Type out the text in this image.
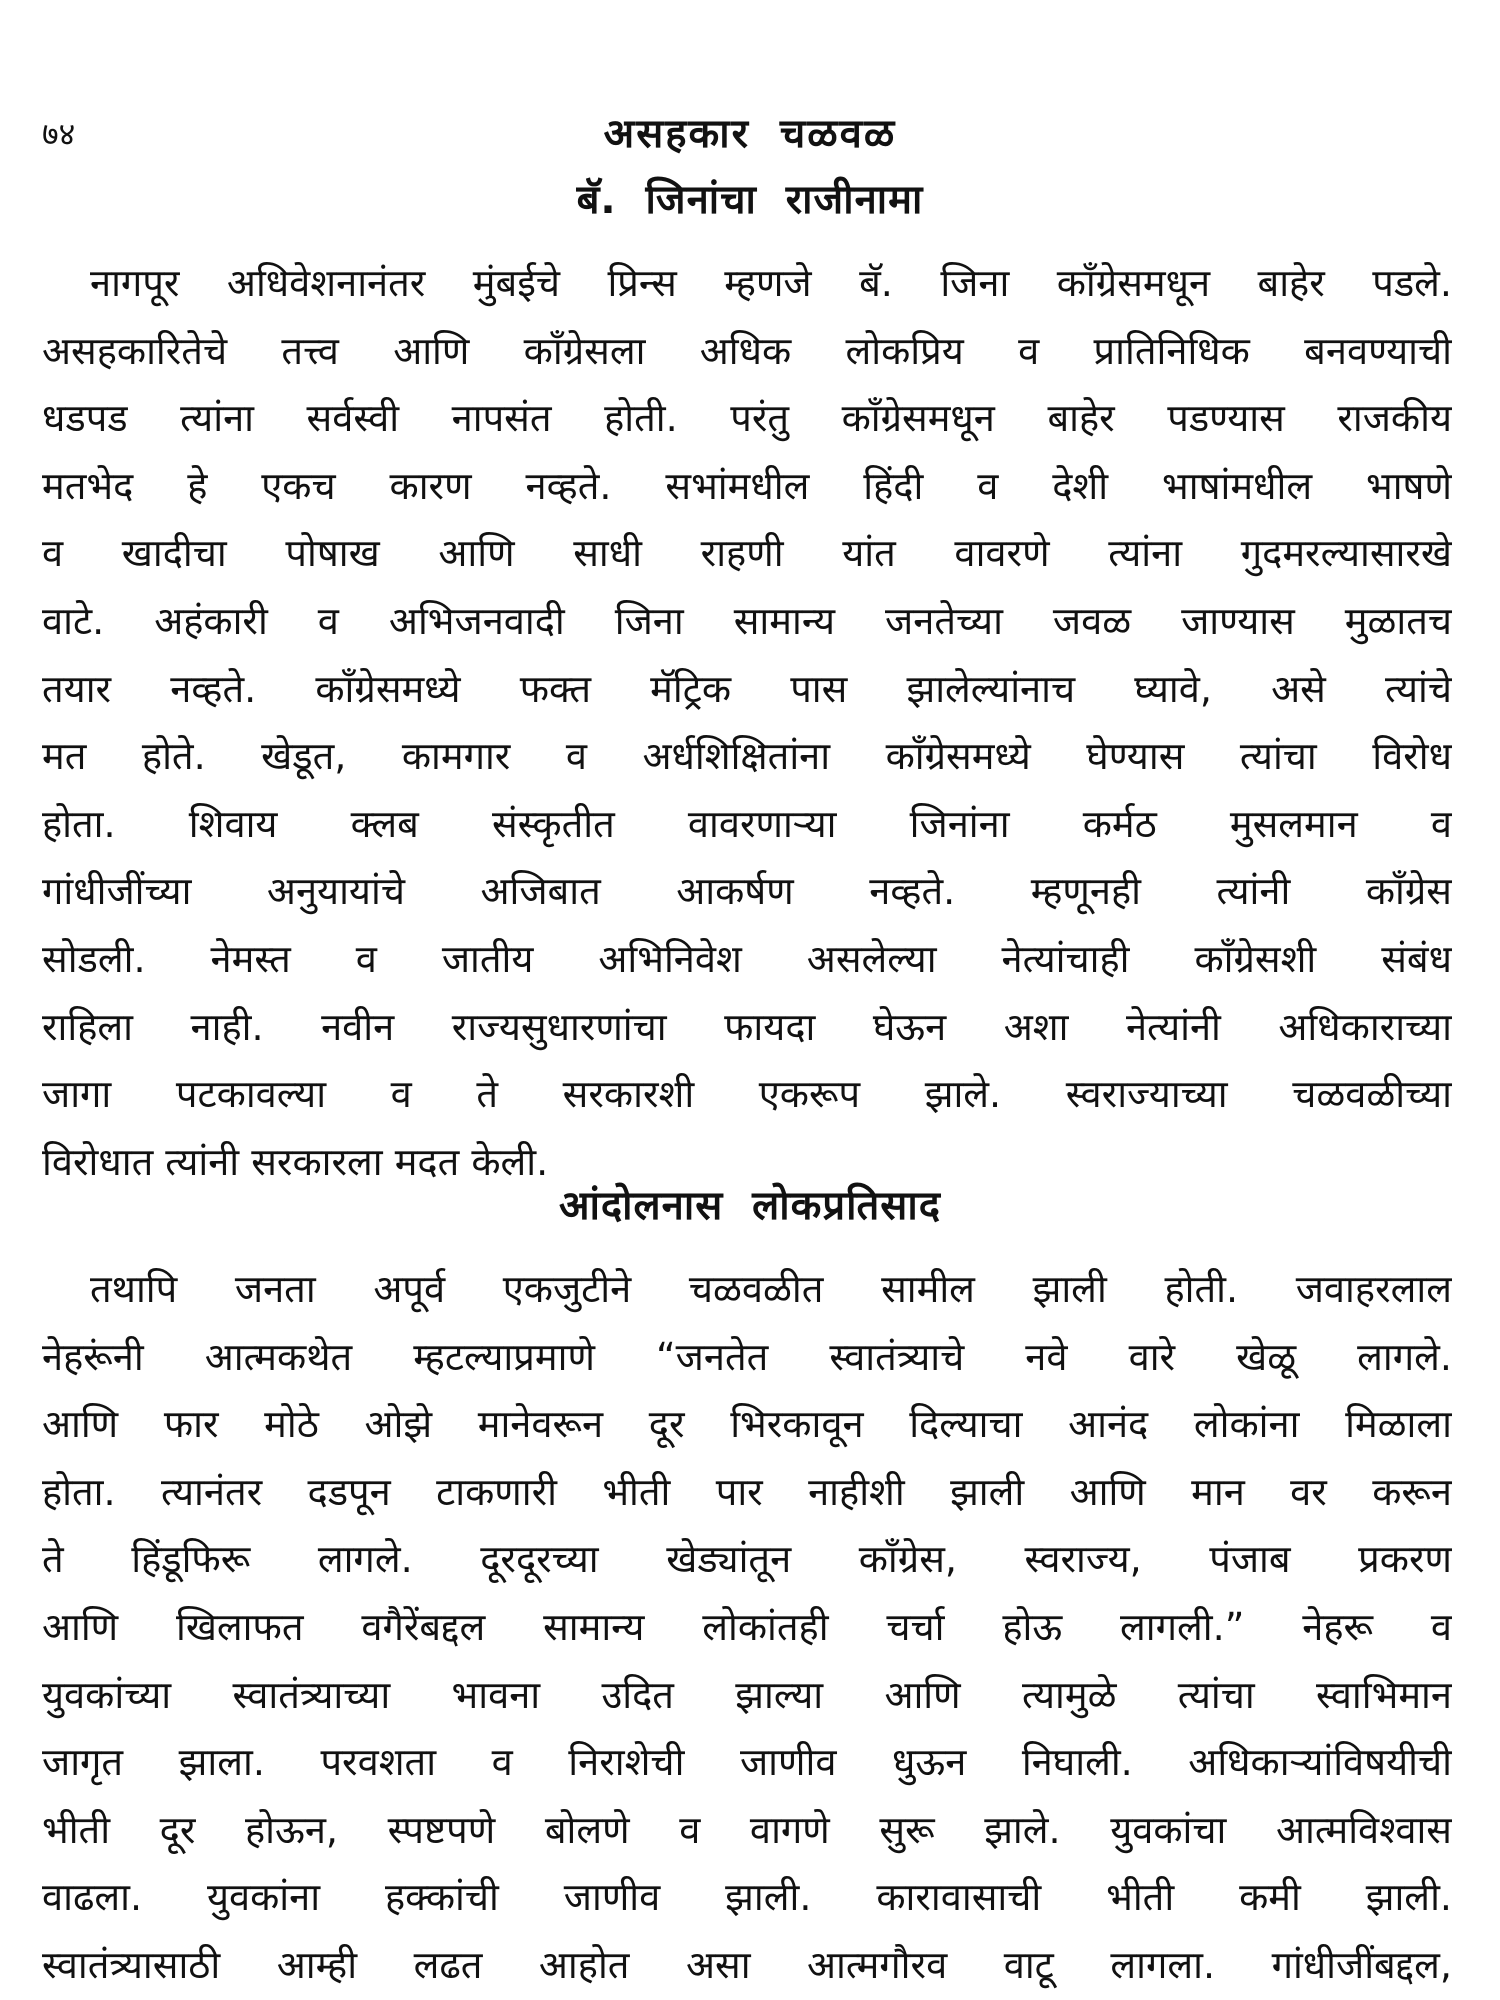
७४	असहकार चळवळ
बॅ. जिनांचा राजीनामा
नागपूर अधिवेशनानंतर मुंबईचे प्रिन्स म्हणजे बॅ. जिना काँग्रेसमधून बाहेर पडले.
असहकारितेचे तत्त्व आणि काँग्रेसला अधिक लोकप्रिय व प्रातिनिधिक बनवण्याची
धडपड त्यांना सर्वस्वी नापसंत होती. परंतु काँग्रेसमधून बाहेर पडण्यास राजकीय
मतभेद हे एकच कारण नव्हते. सभांमधील हिंदी व देशी भाषांमधील भाषणे
व खादीचा पोषाख आणि साधी राहणी यांत वावरणे त्यांना गुदमरल्यासारखे
वाटे. अहंकारी व अभिजनवादी जिना सामान्य जनतेच्या जवळ जाण्यास मुळातच
तयार नव्हते. काँग्रेसमध्ये फक्त मॅट्रिक पास झालेल्यांनाच घ्यावे, असे त्यांचे
मत होते. खेडूत, कामगार व अर्धशिक्षितांना काँग्रेसमध्ये घेण्यास त्यांचा विरोध
होता. शिवाय क्लब संस्कृतीत वावरणाऱ्या जिनांना कर्मठ मुसलमान व
गांधीजींच्या अनुयायांचे अजिबात आकर्षण नव्हते. म्हणूनही त्यांनी काँग्रेस
सोडली. नेमस्त व जातीय अभिनिवेश असलेल्या नेत्यांचाही काँग्रेसशी संबंध
राहिला नाही. नवीन राज्यसुधारणांचा फायदा घेऊन अशा नेत्यांनी अधिकाराच्या
जागा पटकावल्या व ते सरकारशी एकरूप झाले. स्वराज्याच्या चळवळीच्या
विरोधात त्यांनी सरकारला मदत केली.
आंदोलनास लोकप्रतिसाद
तथापि जनता अपूर्व एकजुटीने चळवळीत सामील झाली होती. जवाहरलाल
नेहरूंनी आत्मकथेत म्हटल्याप्रमाणे “जनतेत स्वातंत्र्याचे नवे वारे खेळू लागले.
आणि फार मोठे ओझे मानेवरून दूर भिरकावून दिल्याचा आनंद लोकांना मिळाला
होता. त्यानंतर दडपून टाकणारी भीती पार नाहीशी झाली आणि मान वर करून
ते हिंडूफिरू लागले. दूरदूरच्या खेड्यांतून काँग्रेस, स्वराज्य, पंजाब प्रकरण
आणि खिलाफत वगैरेंबद्दल सामान्य लोकांतही चर्चा होऊ लागली.” नेहरू व
युवकांच्या स्वातंत्र्याच्या भावना उदित झाल्या आणि त्यामुळे त्यांचा स्वाभिमान
जागृत झाला. परवशता व निराशेची जाणीव धुऊन निघाली. अधिकाऱ्यांविषयीची
भीती दूर होऊन, स्पष्टपणे बोलणे व वागणे सुरू झाले. युवकांचा आत्मविश्वास
वाढला. युवकांना हक्कांची जाणीव झाली. कारावासाची भीती कमी झाली.
स्वातंत्र्यासाठी आम्ही लढत आहोत असा आत्मगौरव वाटू लागला. गांधीजींबद्दल,
